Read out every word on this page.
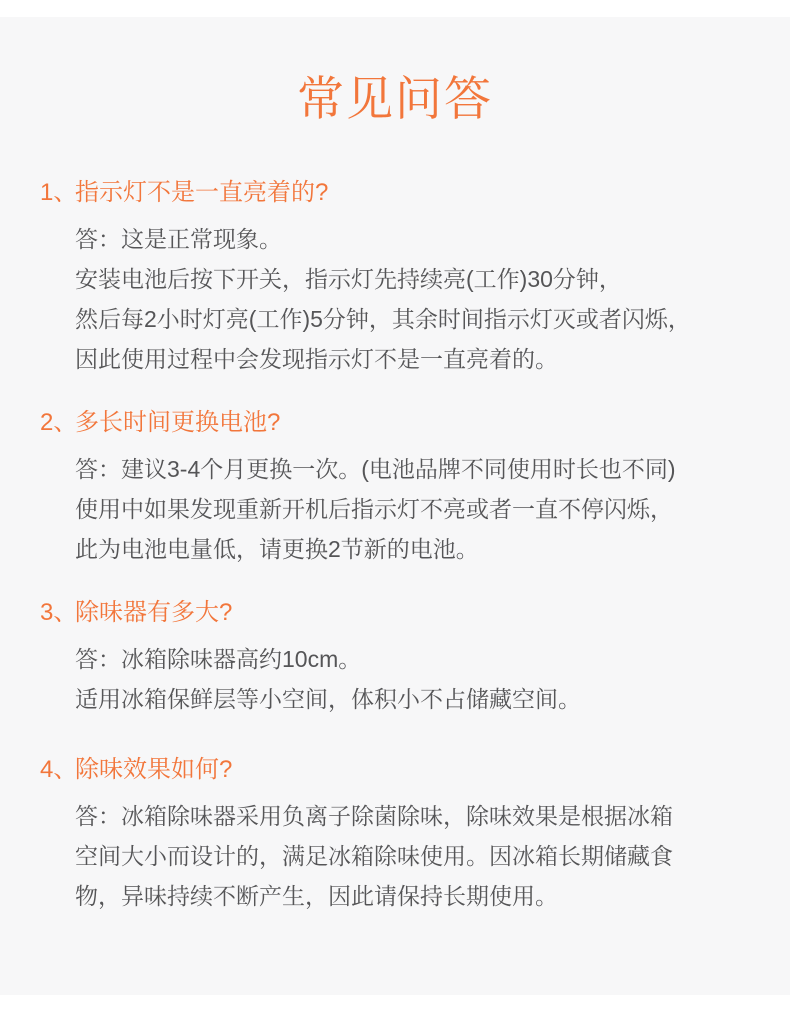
常见问答
1、
指示灯不是一直亮着的?

答：这是正常现象。

安装电池后按下开关，指示灯先持续亮(工作)30分钟，

然后每2小时灯亮(工作)5分钟，其余时间指示灯灭或者闪烁，

因此使用过程中会发现指示灯不是一直亮着的。

2、
多长时间更换电池?

答：建议3-4个月更换一次。(电池品牌不同使用时长也不同)

使用中如果发现重新开机后指示灯不亮或者一直不停闪烁，

此为电池电量低，请更换2节新的电池。

3、
除味器有多大?

答：冰箱除味器高约10cm。

适用冰箱保鲜层等小空间，体积小不占储藏空间。

4、
除味效果如何?

答：冰箱除味器采用负离子除菌除味，除味效果是根据冰箱

空间大小而设计的，满足冰箱除味使用。因冰箱长期储藏食

物，异味持续不断产生，因此请保持长期使用。
